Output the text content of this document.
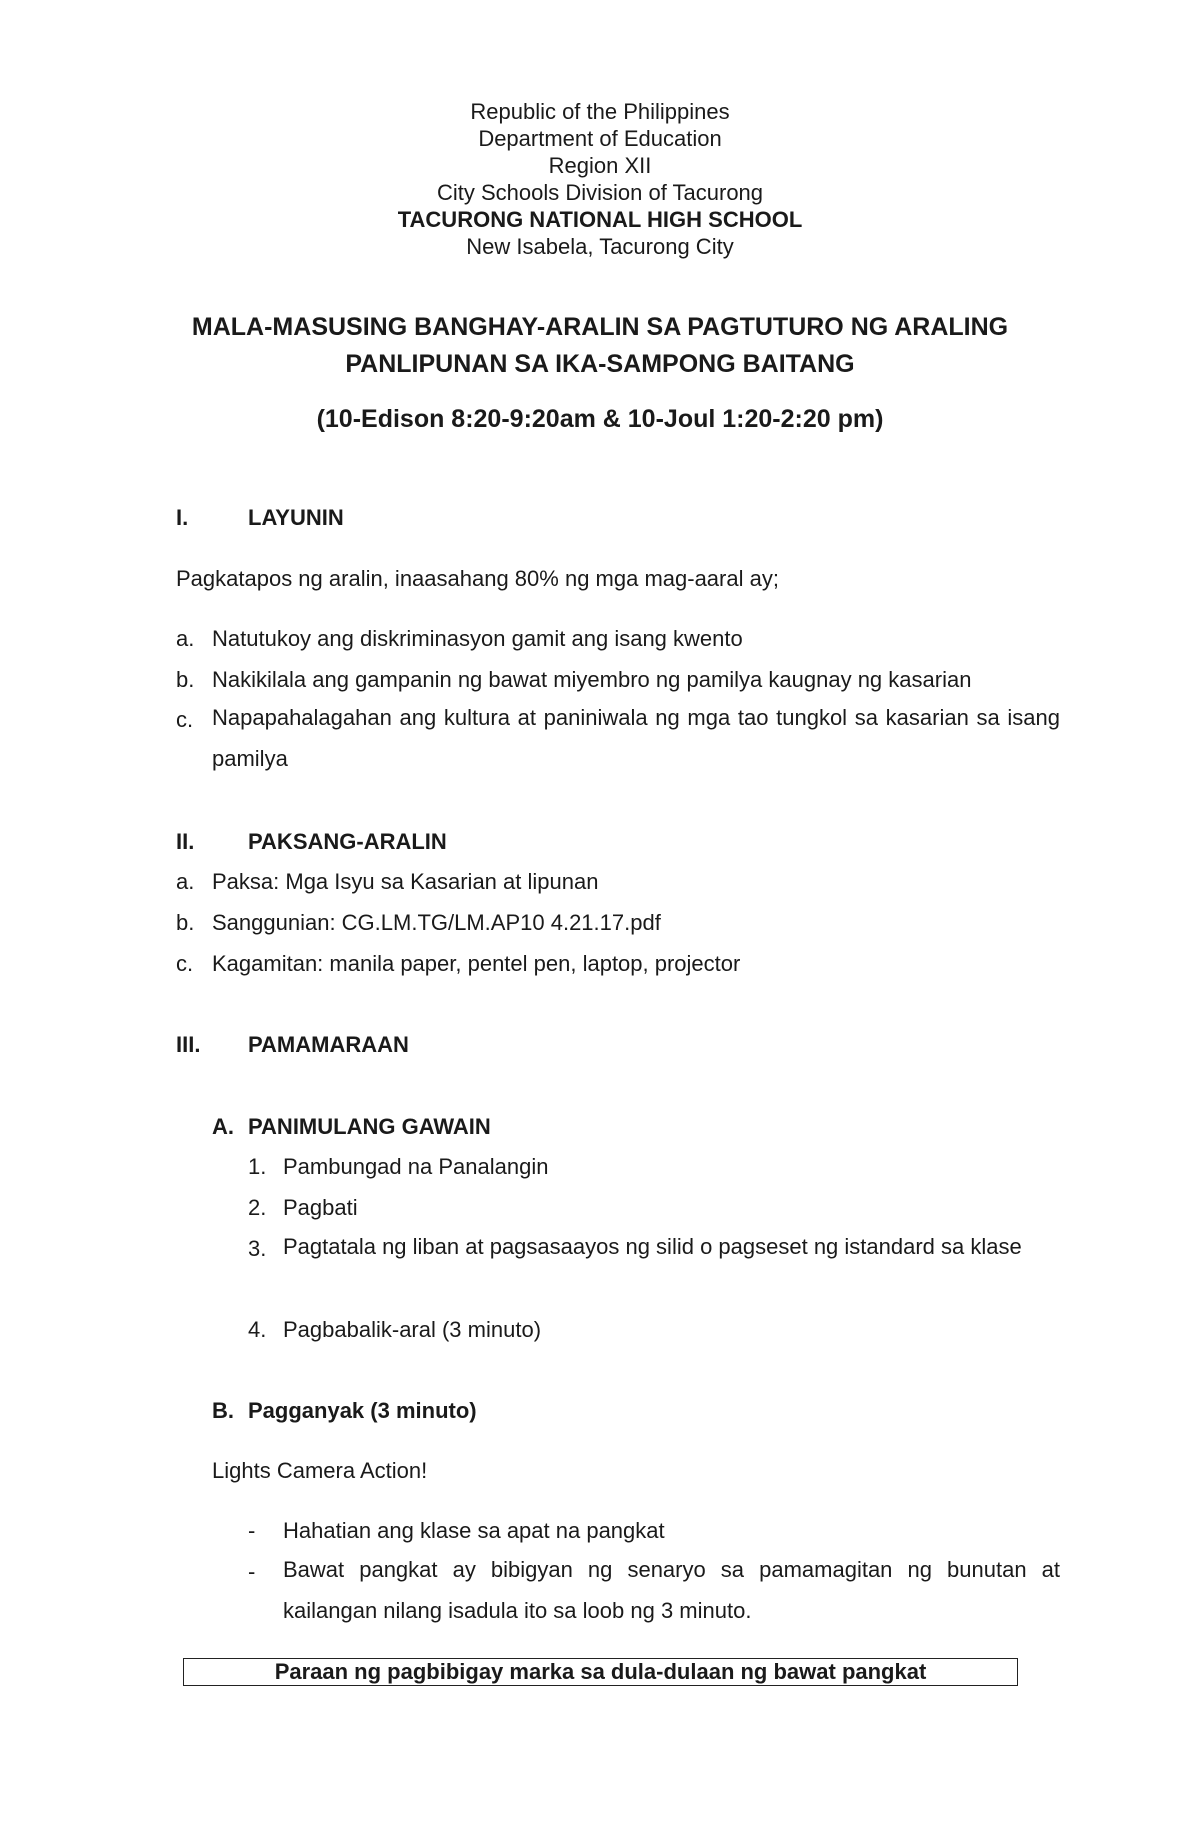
Republic of the Philippines
Department of Education
Region XII
City Schools Division of Tacurong
TACURONG NATIONAL HIGH SCHOOL
New Isabela, Tacurong City
MALA-MASUSING BANGHAY-ARALIN SA PAGTUTURO NG ARALING
PANLIPUNAN SA IKA-SAMPONG BAITANG
(10-Edison 8:20-9:20am & 10-Joul 1:20-2:20 pm)
I.	LAYUNIN
Pagkatapos ng aralin, inaasahang 80% ng mga mag-aaral ay;
a. Natutukoy ang diskriminasyon gamit ang isang kwento
b. Nakikilala ang gampanin ng bawat miyembro ng pamilya kaugnay ng kasarian
c. Napapahalagahan ang kultura at paniniwala ng mga tao tungkol sa kasarian sa isang pamilya
II. PAKSANG-ARALIN
a. Paksa: Mga Isyu sa Kasarian at lipunan
b. Sanggunian: CG.LM.TG/LM.AP10 4.21.17.pdf
c. Kagamitan: manila paper, pentel pen, laptop, projector
III. PAMAMARAAN
A. PANIMULANG GAWAIN
1. Pambungad na Panalangin
2. Pagbati
3. Pagtatala ng liban at pagsasaayos ng silid o pagseset ng istandard sa klase
4. Pagbabalik-aral (3 minuto)
B. Pagganyak (3 minuto)
Lights Camera Action!
- Hahatian ang klase sa apat na pangkat
- Bawat pangkat ay bibigyan ng senaryo sa pamamagitan ng bunutan at kailangan nilang isadula ito sa loob ng 3 minuto.
Paraan ng pagbibigay marka sa dula-dulaan ng bawat pangkat
